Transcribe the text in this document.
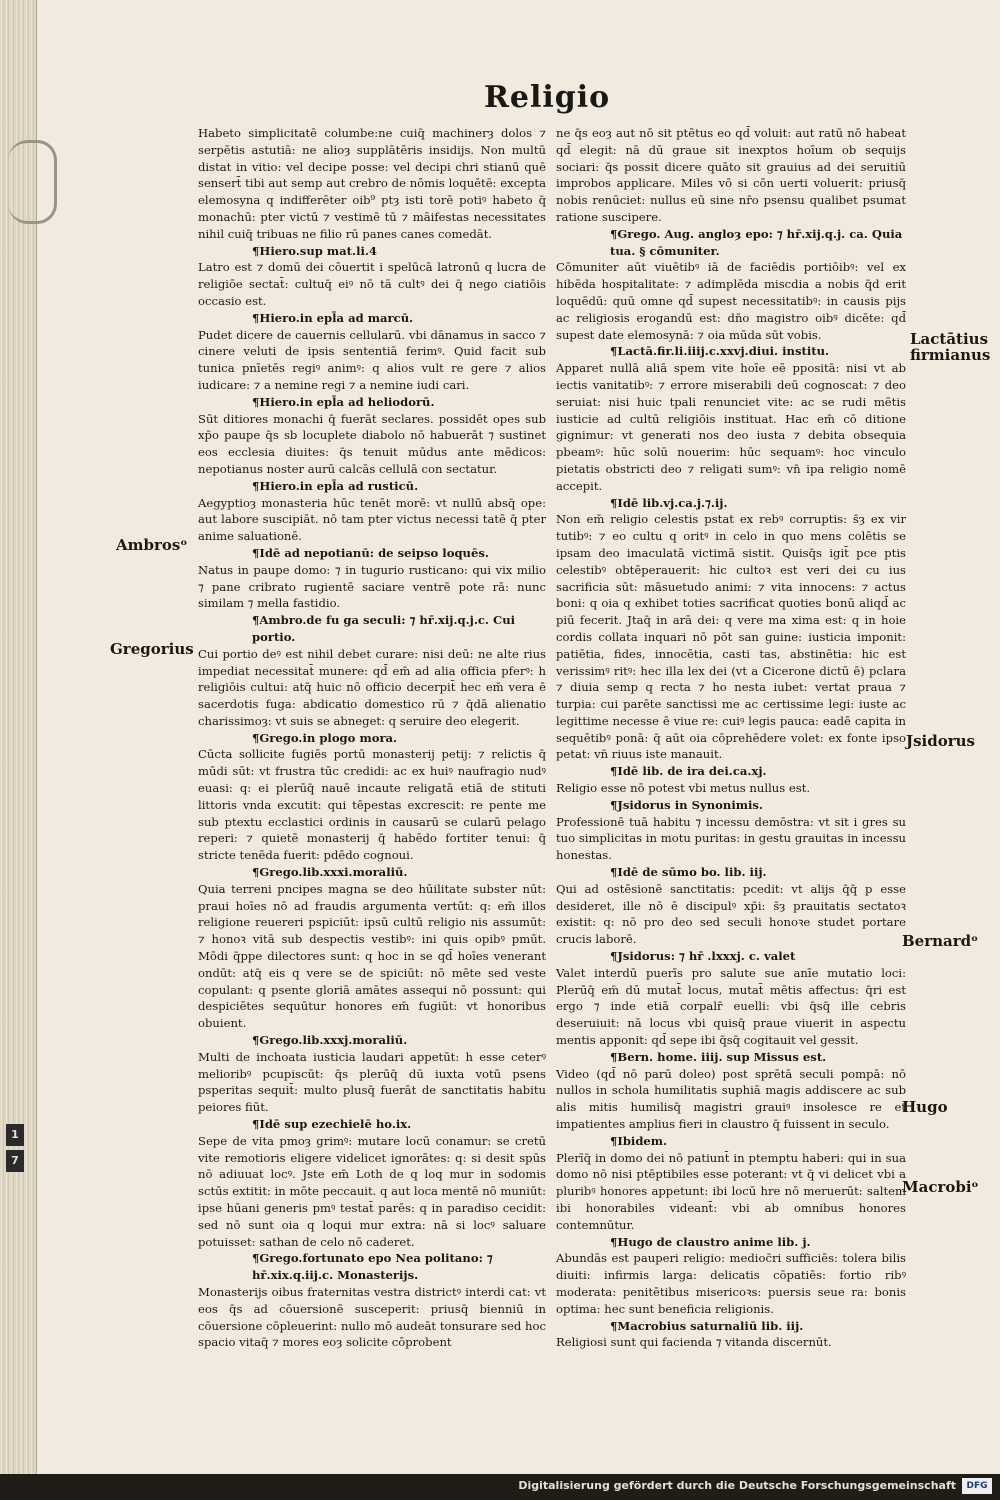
1
7
Religio

Habeto simplicitatē columbe:ne cuiq̄ machinerȝ dolos ⁊ serpētis astutiā: ne alioȝ supplātēris insidijs. Non multū distat in vitio: vel decipe posse: vel decipi chri stianū quē sensert̄ tibi aut semp aut crebro de nōmis loquētē: excepta elemosyna q indifferēter oib⁹ ptȝ isti torē potiꝰ habeto q̄ monachū: pter victū ⁊ vestimē tū ⁊ māifestas necessitates nihil cuiq̄ tribuas ne filio rū panes canes comedāt.

¶ Hiero.sup mat.li.4

Latro est ⁊ domū dei cōuertit i spelūcā latronū q lucra de religiōe sectat̄: cultuq̄ eiꝰ nō tā cultꝰ dei q̄ nego ciatiōis occasio est.

¶ Hiero.in epl̄a ad marcū.

Pudet dicere de cauernis cellularū. vbi dānamus in sacco ⁊ cinere veluti de ipsis sententiā ferimꝰ. Quid facit sub tunica pnīetēs regiꝰ animꝰ: q alios vult re gere ⁊ alios iudicare: ⁊ a nemine regi ⁊ a nemine iudi cari.

¶ Hiero.in epl̄a ad heliodorū.

Sūt ditiores monachi q̄ fuerāt seclares. possidēt opes sub xp̄o paupe q̄s sb locuplete diabolo nō habuerāt ⁊ sustinet eos ecclesia diuites: q̄s tenuit mūdus ante mēdicos: nepotianus noster aurū calcās cellulā con sectatur.

¶ Hiero.in epl̄a ad rusticū.

Aegyptioȝ monasteria hūc tenēt morē: vt nullū absq̄ ope: aut labore suscipiāt. nō tam pter victus necessi tatē q̄ pter anime saluationē.

¶ Idē ad nepotianū: de seipso loquēs.

Natus in paupe domo: ⁊ in tugurio rusticano: qui vix milio ⁊ pane cribrato rugientē saciare ventrē pote rā: nunc similam ⁊ mella fastidio.

¶ Ambro.de fu ga seculi: ⁊ hr̄.xij.q.j.c. Cui portio.

Cui portio deꝰ est nihil debet curare: nisi deū: ne alte rius impediat necessitat̄ munere: qd̄ em̄ ad alia officia pferꝰ: h religiōis cultui: atq̄ huic nō officio decerpit̄ hec em̄ vera ē sacerdotis fuga: abdicatio domestico rū ⁊ q̄dā alienatio charissimoȝ: vt suis se abneget: q seruire deo elegerit.

¶ Grego.in plogo mora.

Cūcta sollicite fugiēs portū monasterij petij: ⁊ relictis q̄ mūdi sūt: vt frustra tūc credidi: ac ex huiꝰ naufragio nudꝰ euasi: q: ei plerūq̄ nauē incaute religatā etiā de stituti littoris vnda excutit: qui tēpestas excrescit: re pente me sub ptextu ecclastici ordinis in causarū se cularū pelago reperi: ⁊ quietē monasterij q̄ habēdo fortiter tenui: q̄ stricte tenēda fuerit: pdēdo cognoui.

¶ Grego.lib.xxxi.moraliū.

Quia terreni pncipes magna se deo hūilitate subster nūt: praui hoīes nō ad fraudis argumenta vertūt: q: em̄ illos religione reuereri pspiciūt: ipsū cultū religio nis assumūt: ⁊ honoꝛ vitā sub despectis vestibꝰ: ini quis opibꝰ pmūt. Mōdi q̄ppe dilectores sunt: q hoc in se qd̄ hoīes venerant ondūt: atq̄ eis q vere se de spiciūt: nō mēte sed veste copulant: q psente gloriā amātes assequi nō possunt: qui despiciētes sequūtur honores em̄ fugiūt: vt honoribus obuient.

¶ Grego.lib.xxxj.moraliū.

Multi de inchoata iusticia laudari appetūt: h esse ceterꝰ melioribꝰ pcupiscūt: q̄s plerūq̄ dū iuxta votū psens psperitas sequit̄: multo plusq̄ fuerāt de sanctitatis habitu peiores fiūt.

¶ Idē sup ezechielē ho.ix.

Sepe de vita pmoȝ grimꝰ: mutare locū conamur: se cretū vite remotioris eligere videlicet ignorātes: q: si desit spūs nō adiuuat locꝰ. Jste em̄ Loth de q loq mur in sodomis sctūs extitit: in mōte peccauit. q aut loca mentē nō muniūt: ipse hūani generis pmꝰ testat̄ parēs: q in paradiso cecidit: sed nō sunt oia q loqui mur extra: nā si locꝰ saluare potuisset: sathan de celo nō caderet.

¶ Grego.fortunato epo Nea politano: ⁊ hr̄.xix.q.iij.c. Monasterijs.

Monasterijs oibus fraternitas vestra districtꝰ interdi cat: vt eos q̄s ad cōuersionē susceperit: priusq̄ bienniū in cōuersione cōpleuerint: nullo mō audeāt tonsurare sed hoc spacio vitaq̄ ⁊ mores eoȝ solicite cōprobent

ne q̄s eoȝ aut nō sit ptētus eo qd̄ voluit: aut ratū nō habeat qd̄ elegit: nā dū graue sit inexptos hoīum ob sequijs sociari: q̄s possit dicere quāto sit grauius ad dei seruitiū improbos applicare. Miles vō si cōn uerti voluerit: priusq̄ nobis renūciet: nullus eū sine nr̄o psensu qualibet psumat ratione suscipere.

¶ Grego. Aug. angloȝ epo: ⁊ hr̄.xij.q.j. ca. Quia tua. § cōmuniter.

Cōmuniter aūt viuētibꝰ iā de faciēdis portiōibꝰ: vel ex hibēda hospitalitate: ⁊ adimplēda miscdia a nobis q̄d erit loquēdū: quū omne qd̄ supest necessitatibꝰ: in causis pijs ac religiosis erogandū est: dn̄o magistro oibꝰ dicēte: qd̄ supest date elemosynā: ⁊ oia mūda sūt vobis.

¶ Lactā.fir.li.iiij.c.xxvj.diui. institu.

Apparet nullā aliā spem vite hoīe eē ppositā: nisi vt ab iectis vanitatibꝰ: ⁊ errore miserabili deū cognoscat: ⁊ deo seruiat: nisi huic tpali renunciet vite: ac se rudi mētis iusticie ad cultū religiōis instituat. Hac em̄ cō ditione gignimur: vt generati nos deo iusta ⁊ debita obsequia pbeamꝰ: hūc solū nouerim: hūc sequamꝰ: hoc vinculo pietatis obstricti deo ⁊ religati sumꝰ: vn̄ ipa religio nomē accepit.

¶ Idē lib.vj.ca.j.⁊.ij.

Non em̄ religio celestis pstat ex rebꝰ corruptis: s̄ȝ ex vir tutibꝰ: ⁊ eo cultu q oritꝰ in celo in quo mens colētis se ipsam deo imaculatā victimā sistit. Quisq̄s igit̄ pce ptis celestibꝰ obtēperauerit: hic cultoꝛ est veri dei cu ius sacrificia sūt: māsuetudo animi: ⁊ vita innocens: ⁊ actus boni: q oia q exhibet toties sacrificat quoties bonū aliqd̄ ac piū fecerit. Jtaq̄ in arā dei: q vere ma xima est: q in hoie cordis collata inquari nō pōt san guine: iusticia imponit: patiētia, fides, innocētia, casti tas, abstinētia: hic est verissimꝰ ritꝰ: hec illa lex dei (vt a Cicerone dictū ē) pclara ⁊ diuia semp q recta ⁊ ho nesta iubet: vertat praua ⁊ turpia: cui parēte sanctissi me ac certissime legi: iuste ac legittime necesse ē viue re: cuiꝰ legis pauca: eadē capita in sequētibꝰ ponā: q̄ aūt oia cōprehēdere volet: ex fonte ipso petat: vn̄ riuus iste manauit.

¶ Idē lib. de ira dei.ca.xj.

Religio esse nō potest vbi metus nullus est.

¶ Jsidorus in Synonimis.

Professionē tuā habitu ⁊ incessu demōstra: vt sit i gres su tuo simplicitas in motu puritas: in gestu grauitas in incessu honestas.

¶ Idē de sūmo bo. lib. iij.

Qui ad ostēsionē sanctitatis: pcedit: vt alijs q̄q̄ p esse desideret, ille nō ē discipulꝰ xp̄i: s̄ȝ prauitatis sectatoꝛ existit: q: nō pro deo sed seculi honoꝛe studet portare crucis laborē.

¶ Jsidorus: ⁊ hr̄ .lxxxj. c. valet

Valet interdū puerīs pro salute sue anīe mutatio loci: Plerūq̄ em̄ dū mutat̄ locus, mutat̄ mētis affectus: q̄ri est ergo ⁊ inde etiā corpalr̄ euelli: vbi q̄sq̄ ille cebris deseruiuit: nā locus vbi quisq̄ praue viuerit in aspectu mentis apponit: qd̄ sepe ibi q̄sq̄ cogitauit vel gessit.

¶ Bern. home. iiij. sup Missus est.

Video (qd̄ nō parū doleo) post sprētā seculi pompā: nō nullos in schola humilitatis suphiā magis addiscere ac sub alis mitis humilisq̄ magistri grauiꝰ insolesce re et impatientes amplius fieri in claustro q̄ fuissent in seculo.

¶ Ibidem.

Plerīq̄ in domo dei nō patiunt̄ in ptemptu haberi: qui in sua domo nō nisi ptēptibiles esse poterant: vt q̄ vi delicet vbi a pluribꝰ honores appetunt: ibi locū hre nō meruerūt: saltem ibi honorabiles videant̄: vbi ab omnibus honores contemnūtur.

¶ Hugo de claustro anime lib. j.

Abundās est pauperi religio: medioc̄ri sufficiēs: tolera bilis diuiti: infirmis larga: delicatis cōpatiēs: fortio ribꝰ moderata: penitētibus misericoꝛs: puersis seue ra: bonis optima: hec sunt beneficia religionis.

¶ Macrobius saturnaliū lib. iij.

Religiosi sunt qui facienda ⁊ vitanda discernūt.

Ambrosᵒ
Gregorius
Lactātius
firmianus
Jsidorus
Bernardᵒ
Hugo
Macrobiᵒ
Digitalisierung gefördert durch die Deutsche Forschungsgemeinschaft	DFG
